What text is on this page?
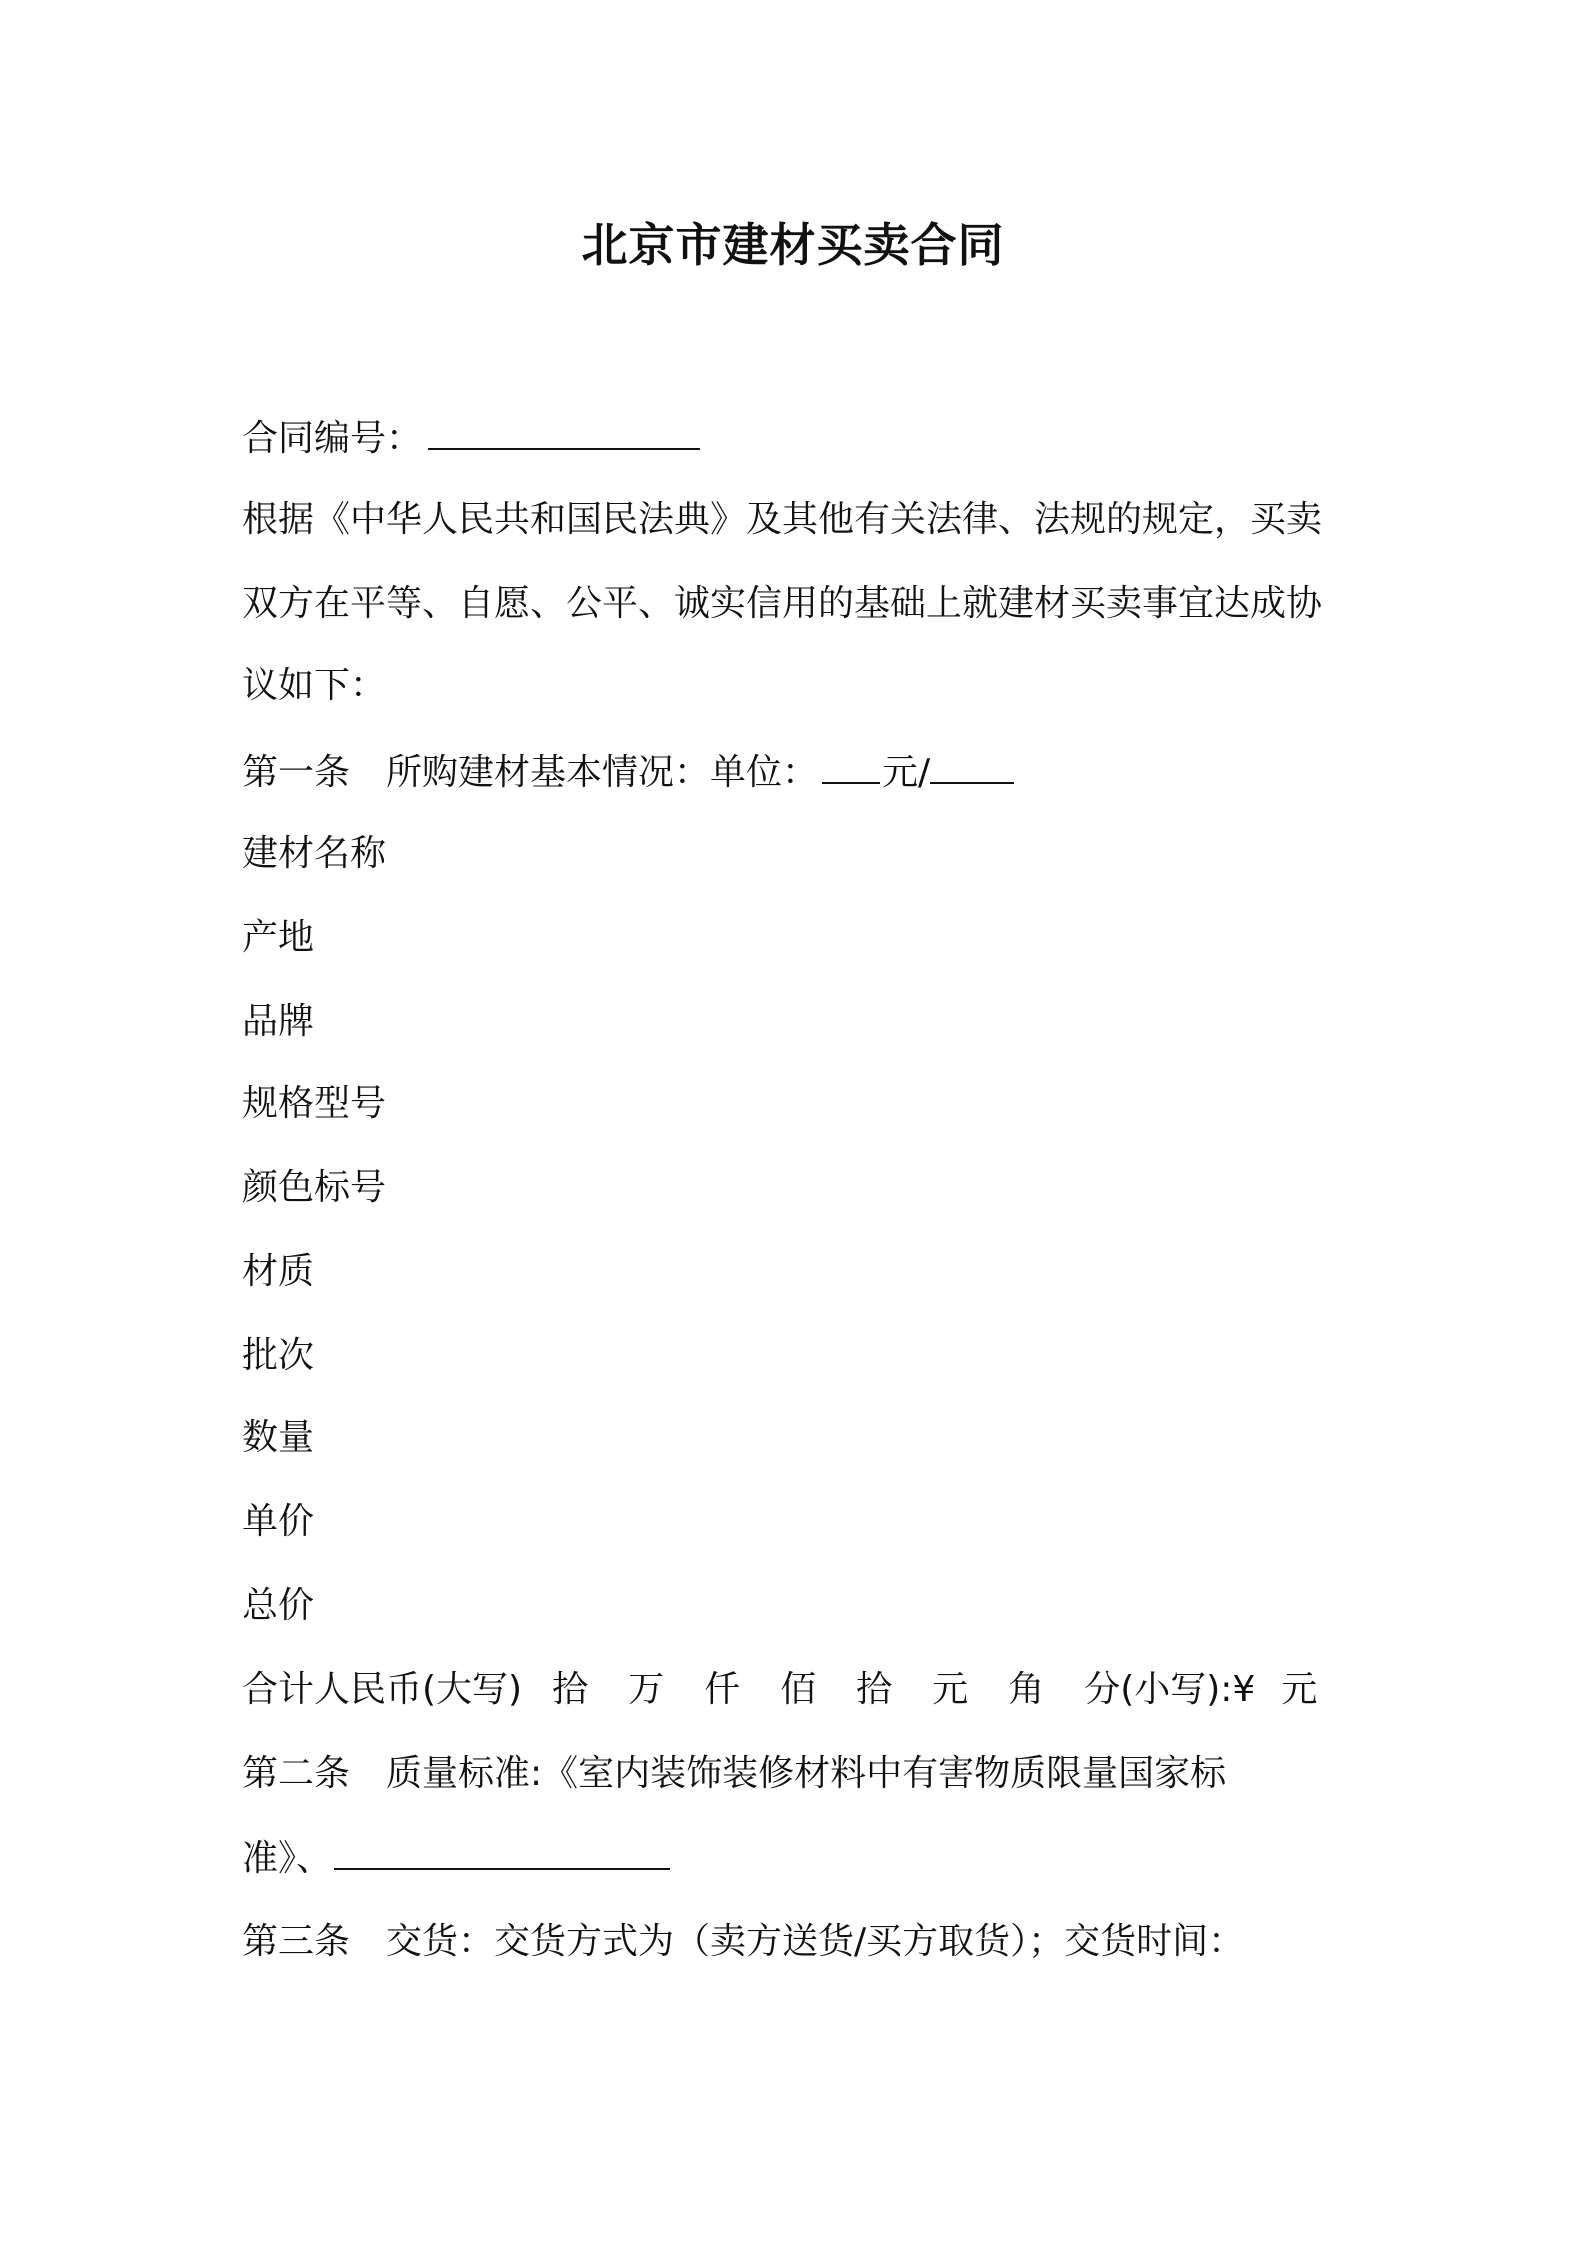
北京市建材买卖合同
合同编号：
根据《中华人民共和国民法典》及其他有关法律、法规的规定，买卖
双方在平等、自愿、公平、诚实信用的基础上就建材买卖事宜达成协
议如下：
第一条 所购建材基本情况：单位： 元/
建材名称
产地
品牌
规格型号
颜色标号
材质
批次
数量
单价
总价
合计人民币(大写) 拾 万 仟 佰 拾 元 角 分(小写):¥ 元
第二条 质量标准:《室内装饰装修材料中有害物质限量国家标
准》、
第三条 交货：交货方式为（卖方送货/买方取货）；交货时间：
